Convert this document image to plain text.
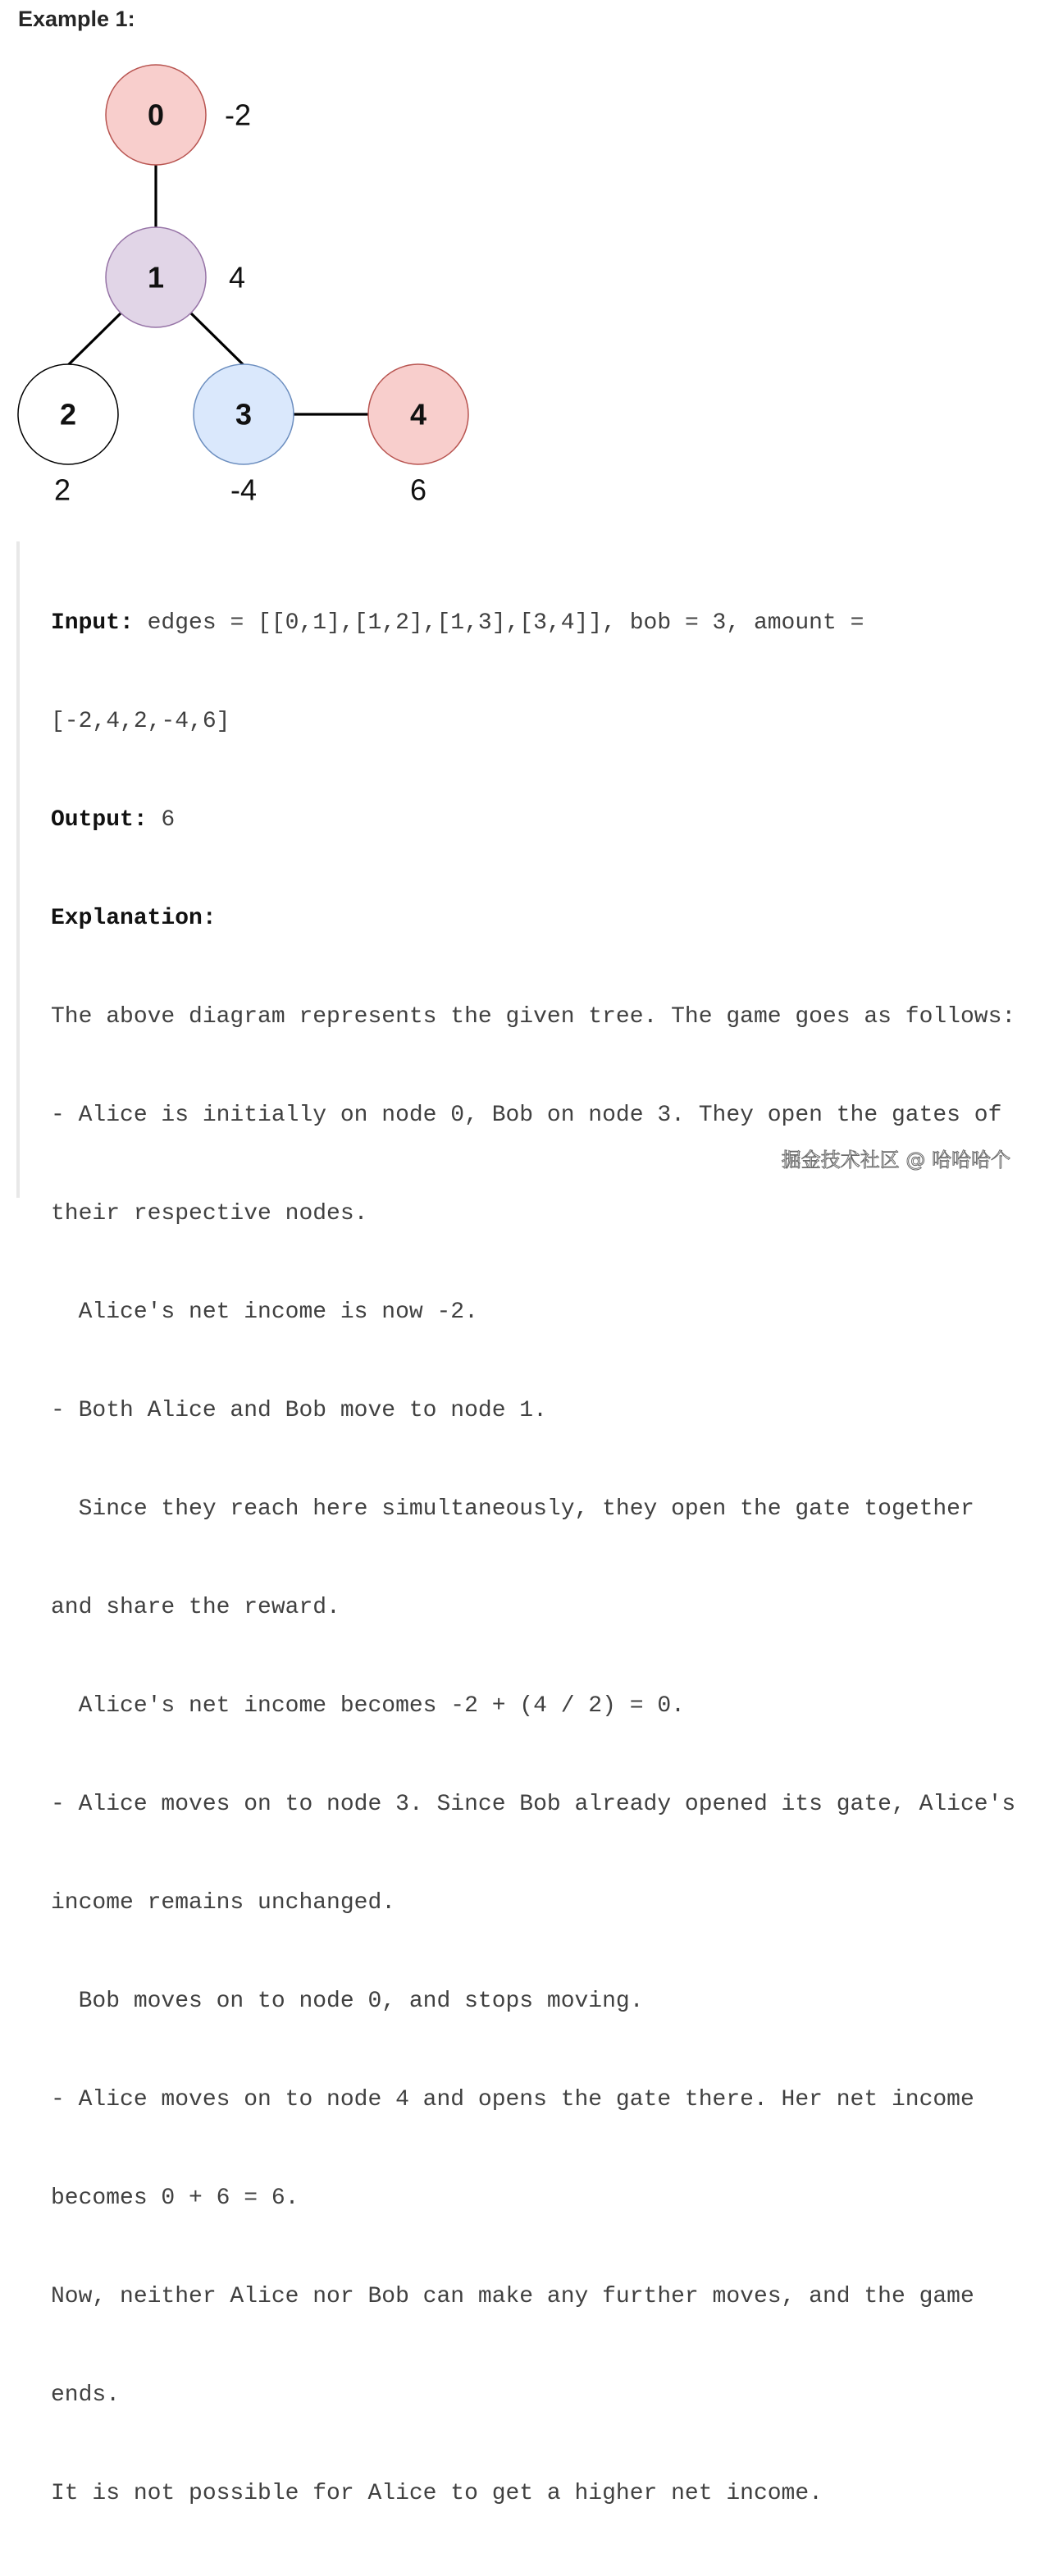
Example 1:
0 -2
1 4
2
2
3
-4
4
6

Input: edges = [[0,1],[1,2],[1,3],[3,4]], bob = 3, amount =

[-2,4,2,-4,6]

Output: 6

Explanation:

The above diagram represents the given tree. The game goes as follows:

- Alice is initially on node 0, Bob on node 3. They open the gates of

their respective nodes.

Alice's net income is now -2.

- Both Alice and Bob move to node 1.

Since they reach here simultaneously, they open the gate together

and share the reward.

Alice's net income becomes -2 + (4 / 2) = 0.

- Alice moves on to node 3. Since Bob already opened its gate, Alice's

income remains unchanged.

Bob moves on to node 0, and stops moving.

- Alice moves on to node 4 and opens the gate there. Her net income

becomes 0 + 6 = 6.

Now, neither Alice nor Bob can make any further moves, and the game

ends.

It is not possible for Alice to get a higher net income.

掘金技术社区 @ 哈哈哈个
